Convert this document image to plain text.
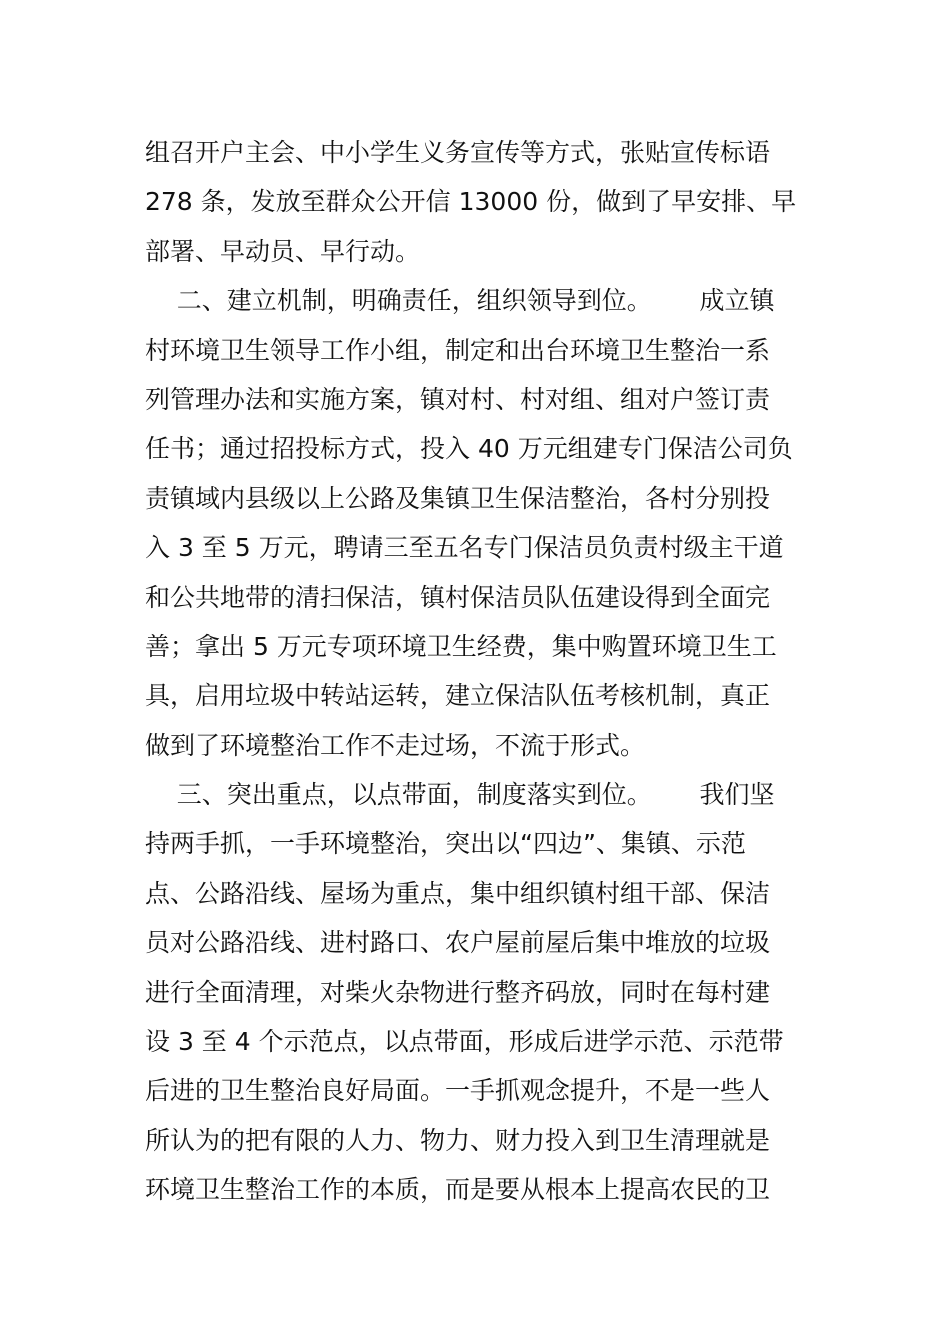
组召开户主会、中小学生义务宣传等方式，张贴宣传标语
278 条，发放至群众公开信 13000 份，做到了早安排、早
部署、早动员、早行动。
二、建立机制，明确责任，组织领导到位。      成立镇
村环境卫生领导工作小组，制定和出台环境卫生整治一系
列管理办法和实施方案，镇对村、村对组、组对户签订责
任书；通过招投标方式，投入 40 万元组建专门保洁公司负
责镇域内县级以上公路及集镇卫生保洁整治，各村分别投
入 3 至 5 万元，聘请三至五名专门保洁员负责村级主干道
和公共地带的清扫保洁，镇村保洁员队伍建设得到全面完
善；拿出 5 万元专项环境卫生经费，集中购置环境卫生工
具，启用垃圾中转站运转，建立保洁队伍考核机制，真正
做到了环境整治工作不走过场，不流于形式。
三、突出重点，以点带面，制度落实到位。      我们坚
持两手抓，一手环境整治，突出以“四边”、集镇、示范
点、公路沿线、屋场为重点，集中组织镇村组干部、保洁
员对公路沿线、进村路口、农户屋前屋后集中堆放的垃圾
进行全面清理，对柴火杂物进行整齐码放，同时在每村建
设 3 至 4 个示范点，以点带面，形成后进学示范、示范带
后进的卫生整治良好局面。一手抓观念提升，不是一些人
所认为的把有限的人力、物力、财力投入到卫生清理就是
环境卫生整治工作的本质，而是要从根本上提高农民的卫
